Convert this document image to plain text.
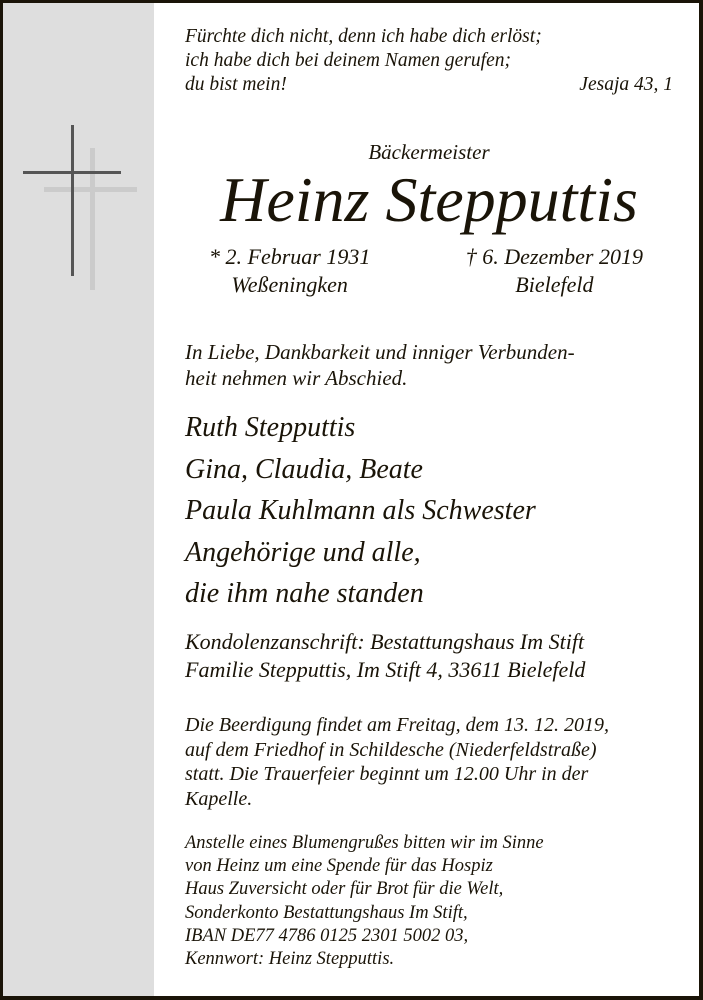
Fürchte dich nicht, denn ich habe dich erlöst;
ich habe dich bei deinem Namen gerufen;
du bist mein!	Jesaja 43, 1
Bäckermeister
Heinz Stepputtis
* 2. Februar 1931
Weßeningken
† 6. Dezember 2019
Bielefeld
In Liebe, Dankbarkeit und inniger Verbunden-
heit nehmen wir Abschied.
Ruth Stepputtis
Gina, Claudia, Beate
Paula Kuhlmann als Schwester
Angehörige und alle,
die ihm nahe standen
Kondolenzanschrift: Bestattungshaus Im Stift
Familie Stepputtis, Im Stift 4, 33611 Bielefeld
Die Beerdigung findet am Freitag, dem 13. 12. 2019,
auf dem Friedhof in Schildesche (Niederfeldstraße)
statt. Die Trauerfeier beginnt um 12.00 Uhr in der
Kapelle.
Anstelle eines Blumengrußes bitten wir im Sinne
von Heinz um eine Spende für das Hospiz
Haus Zuversicht oder für Brot für die Welt,
Sonderkonto Bestattungshaus Im Stift,
IBAN DE77 4786 0125 2301 5002 03,
Kennwort: Heinz Stepputtis.
